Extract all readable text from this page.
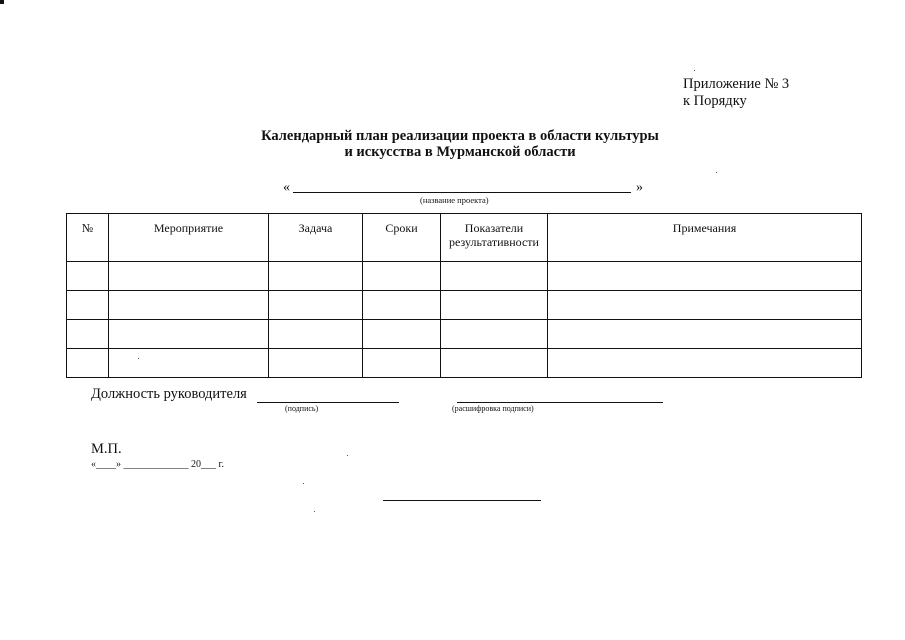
Приложение № 3
к Порядку
Календарный план реализации проекта в области культуры
и искусства в Мурманской области
«	»
(название проекта)
№	Мероприятие	Задача	Сроки	Показатели результативности	Примечания

Должность руководителя
(подпись)	(расшифровка подписи)
М.П.
«____» _____________ 20___ г.
